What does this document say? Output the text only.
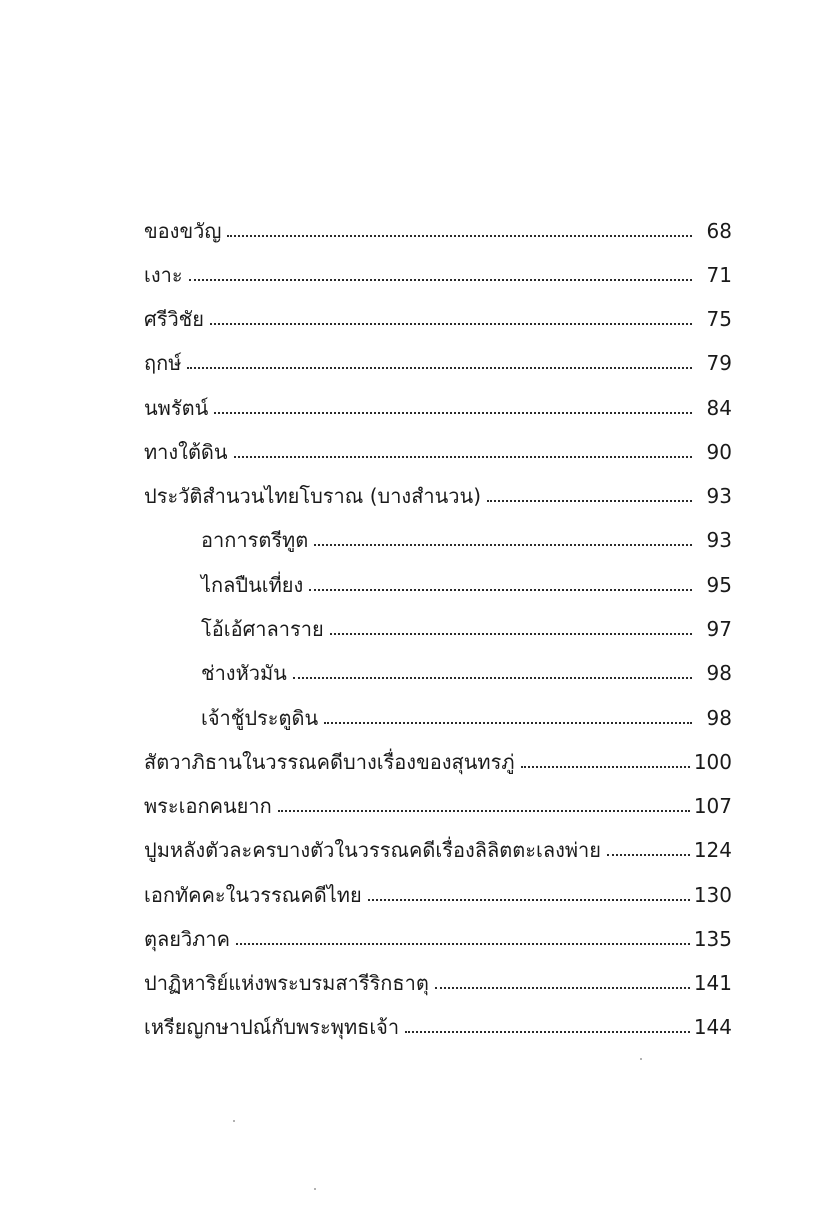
ของขวัญ	68
เงาะ	71
ศรีวิชัย	75
ฤกษ์	79
นพรัตน์	84
ทางใต้ดิน	90
ประวัติสำนวนไทยโบราณ (บางสำนวน)	93
อาการตรีทูต	93
ไกลปืนเที่ยง	95
โอ้เอ้ศาลาราย	97
ช่างหัวมัน	98
เจ้าชู้ประตูดิน	98
สัตวาภิธานในวรรณคดีบางเรื่องของสุนทรภู่	100
พระเอกคนยาก	107
ปูมหลังตัวละครบางตัวในวรรณคดีเรื่องลิลิตตะเลงพ่าย	124
เอกทัคคะในวรรณคดีไทย	130
ตุลยวิภาค	135
ปาฏิหาริย์แห่งพระบรมสารีริกธาตุ	141
เหรียญกษาปณ์กับพระพุทธเจ้า	144
